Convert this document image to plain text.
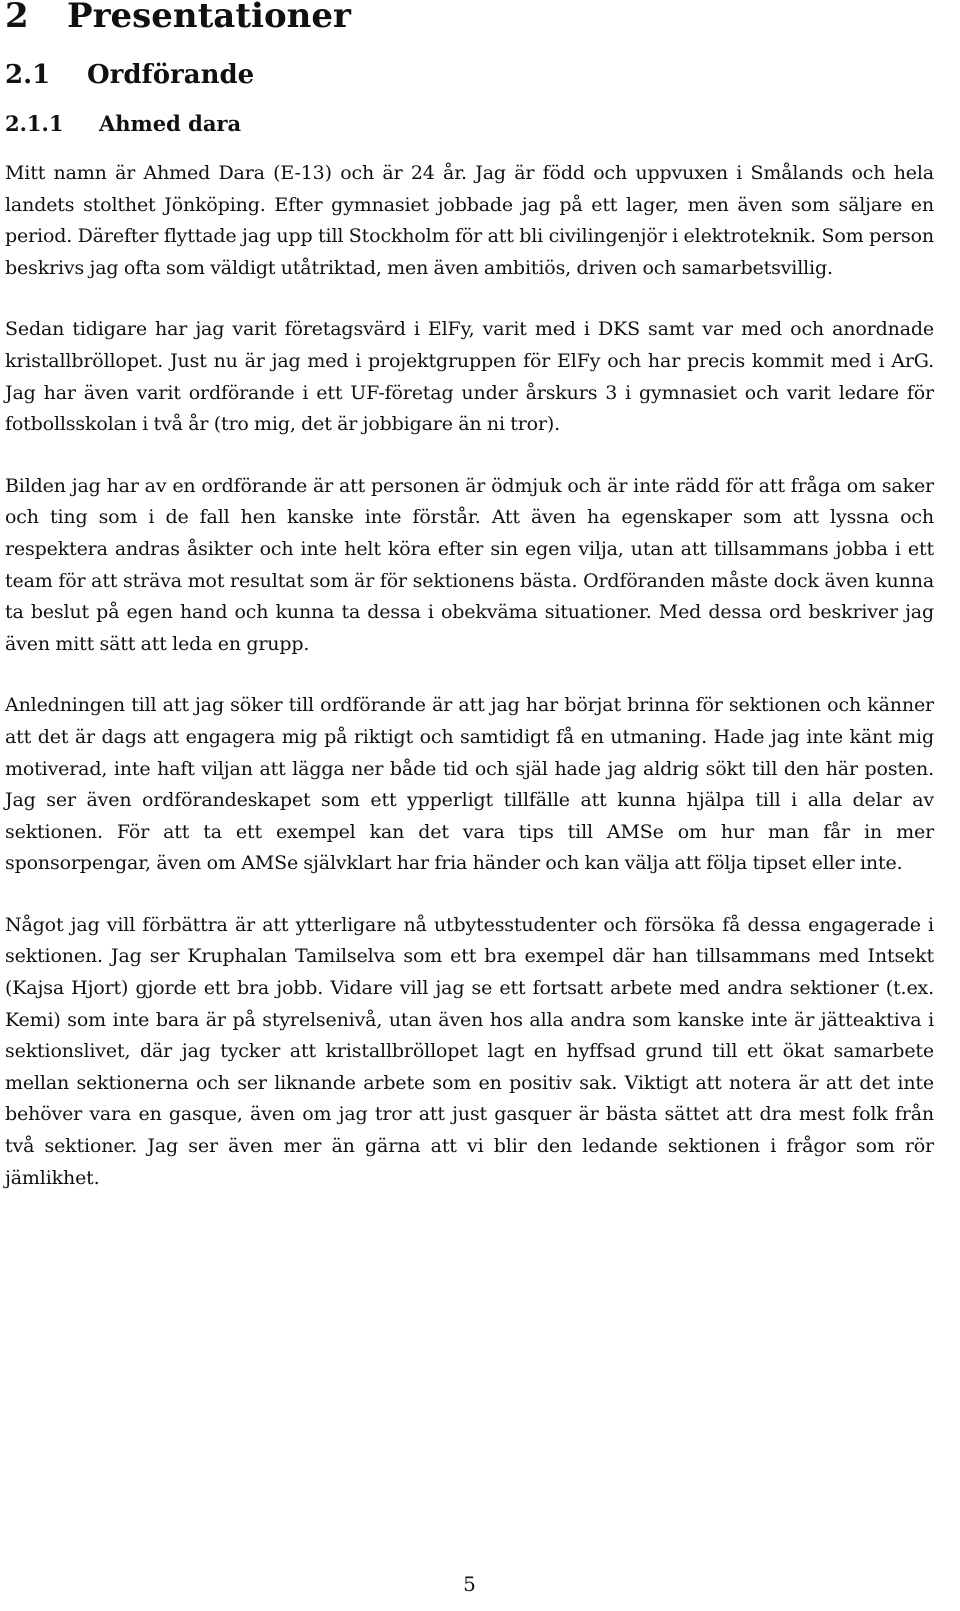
2	Presentationer
2.1	Ordförande
2.1.1	Ahmed dara

Mitt namn är Ahmed Dara (E-13) och är 24 år. Jag är född och uppvuxen i Smålands och hela landets stolthet Jönköping. Efter gymnasiet jobbade jag på ett lager, men även som säljare en period. Därefter flyttade jag upp till Stockholm för att bli civilingenjör i elektroteknik. Som person beskrivs jag ofta som väldigt utåtriktad, men även ambitiös, driven och samarbetsvillig.

Sedan tidigare har jag varit företagsvärd i ElFy, varit med i DKS samt var med och anordnade kristallbröllopet. Just nu är jag med i projektgruppen för ElFy och har precis kommit med i ArG. Jag har även varit ordförande i ett UF-företag under årskurs 3 i gymnasiet och varit ledare för fotbollsskolan i två år (tro mig, det är jobbigare än ni tror).

Bilden jag har av en ordförande är att personen är ödmjuk och är inte rädd för att fråga om saker och ting som i de fall hen kanske inte förstår. Att även ha egenskaper som att lyssna och respektera andras åsikter och inte helt köra efter sin egen vilja, utan att tillsammans jobba i ett team för att sträva mot resultat som är för sektionens bästa. Ordföranden måste dock även kunna ta beslut på egen hand och kunna ta dessa i obekväma situationer. Med dessa ord beskriver jag även mitt sätt att leda en grupp.

Anledningen till att jag söker till ordförande är att jag har börjat brinna för sektionen och känner att det är dags att engagera mig på riktigt och samtidigt få en utmaning. Hade jag inte känt mig motiverad, inte haft viljan att lägga ner både tid och själ hade jag aldrig sökt till den här posten. Jag ser även ordförandeskapet som ett ypperligt tillfälle att kunna hjälpa till i alla delar av sektionen. För att ta ett exempel kan det vara tips till AMSe om hur man får in mer sponsorpengar, även om AMSe självklart har fria händer och kan välja att följa tipset eller inte.

Något jag vill förbättra är att ytterligare nå utbytesstudenter och försöka få dessa engagerade i sektionen. Jag ser Kruphalan Tamilselva som ett bra exempel där han tillsammans med Intsekt (Kajsa Hjort) gjorde ett bra jobb. Vidare vill jag se ett fortsatt arbete med andra sektioner (t.ex. Kemi) som inte bara är på styrelsenivå, utan även hos alla andra som kanske inte är jätteaktiva i sektionslivet, där jag tycker att kristallbröllopet lagt en hyffsad grund till ett ökat samarbete mellan sektionerna och ser liknande arbete som en positiv sak. Viktigt att notera är att det inte behöver vara en gasque, även om jag tror att just gasquer är bästa sättet att dra mest folk från två sektioner. Jag ser även mer än gärna att vi blir den ledande sektionen i frågor som rör jämlikhet.

5
